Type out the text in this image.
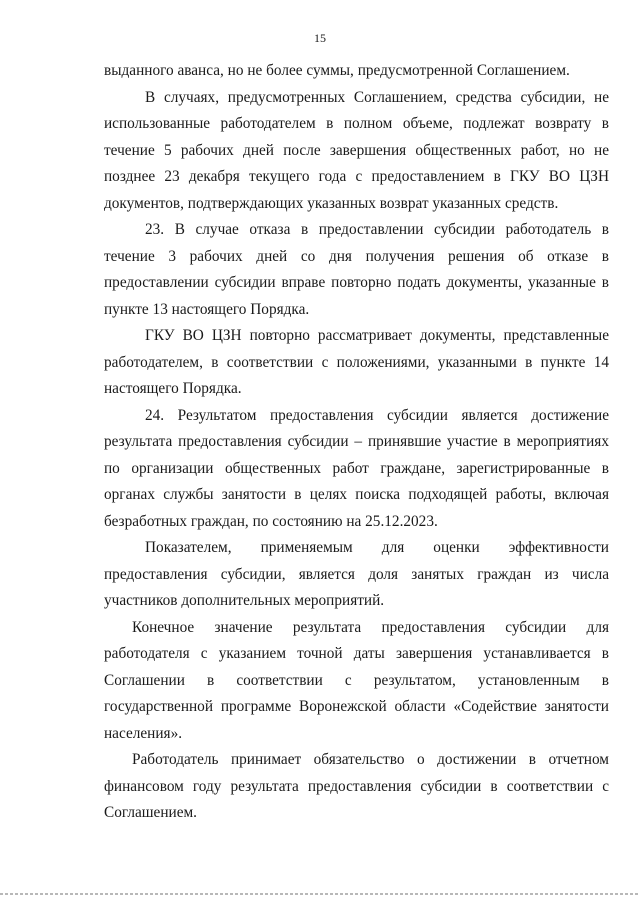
15

выданного аванса, но не более суммы, предусмотренной Соглашением.

В случаях, предусмотренных Соглашением, средства субсидии, не использованные работодателем в полном объеме, подлежат возврату в течение 5 рабочих дней после завершения общественных работ, но не позднее 23 декабря текущего года с предоставлением в ГКУ ВО ЦЗН документов, подтверждающих указанных возврат указанных средств.

23. В случае отказа в предоставлении субсидии работодатель в течение 3 рабочих дней со дня получения решения об отказе в предоставлении субсидии вправе повторно подать документы, указанные в пункте 13 настоящего Порядка.

ГКУ ВО ЦЗН повторно рассматривает документы, представленные работодателем, в соответствии с положениями, указанными в пункте 14 настоящего Порядка.

24. Результатом предоставления субсидии является достижение результата предоставления субсидии – принявшие участие в мероприятиях по организации общественных работ граждане, зарегистрированные в органах службы занятости в целях поиска подходящей работы, включая безработных граждан, по состоянию на 25.12.2023.

Показателем, применяемым для оценки эффективности предоставления субсидии, является доля занятых граждан из числа участников дополнительных мероприятий.

Конечное значение результата предоставления субсидии для работодателя с указанием точной даты завершения устанавливается в Соглашении в соответствии с результатом, установленным в государственной программе Воронежской области «Содействие занятости населения».

Работодатель принимает обязательство о достижении в отчетном финансовом году результата предоставления субсидии в соответствии с Соглашением.
